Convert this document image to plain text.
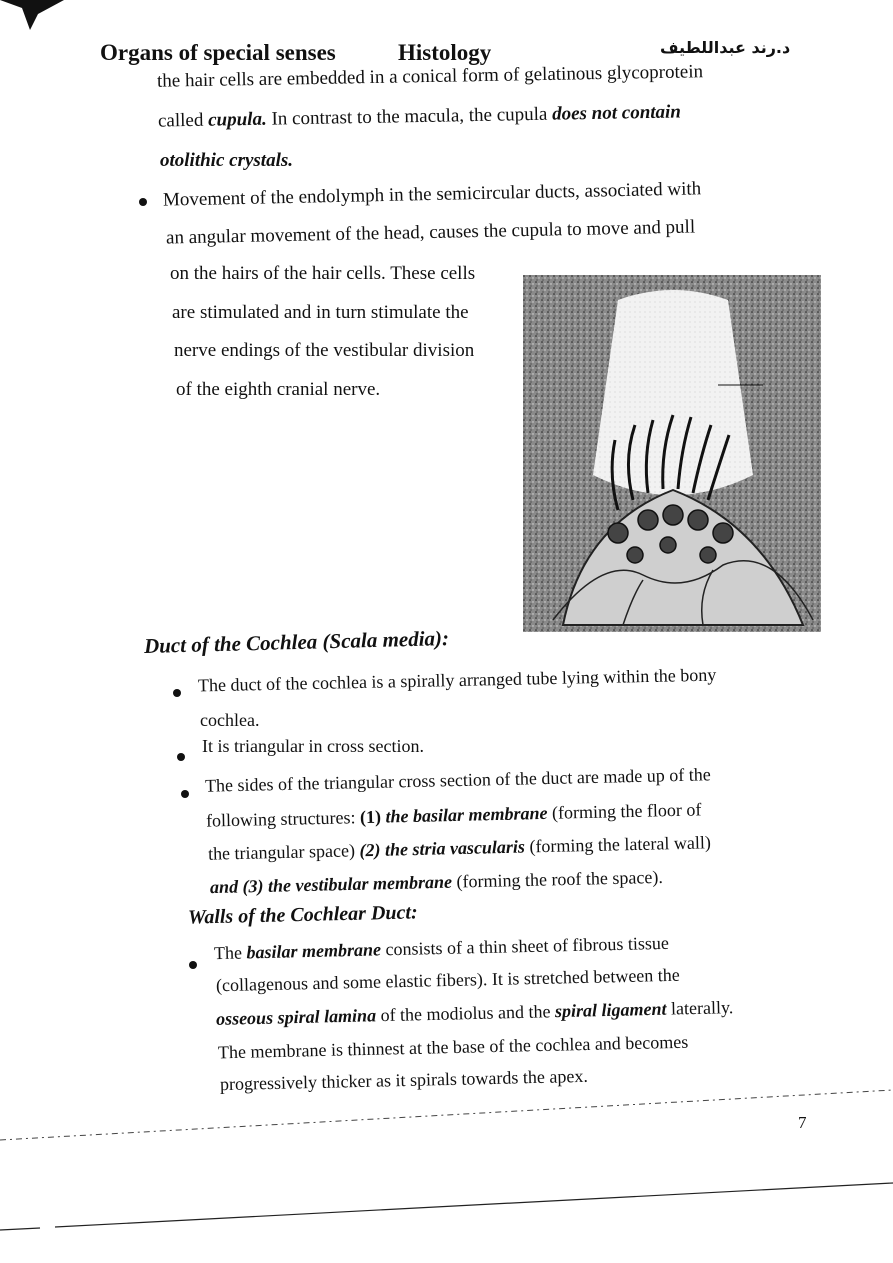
Organs of special senses	Histology	د.رند عبداللطيف
the hair cells are embedded in a conical form of gelatinous glycoprotein
called cupula. In contrast to the macula, the cupula does not contain
otolithic crystals.
Movement of the endolymph in the semicircular ducts, associated with
an angular movement of the head, causes the cupula to move and pull
on the hairs of the hair cells. These cells
are stimulated and in turn stimulate the
nerve endings of the vestibular division
of the eighth cranial nerve.
Duct of the Cochlea (Scala media):
The duct of the cochlea is a spirally arranged tube lying within the bony
cochlea.
It is triangular in cross section.
The sides of the triangular cross section of the duct are made up of the
following structures: (1) the basilar membrane (forming the floor of
the triangular space) (2) the stria vascularis (forming the lateral wall)
and (3) the vestibular membrane (forming the roof the space).
Walls of the Cochlear Duct:
The basilar membrane consists of a thin sheet of fibrous tissue
(collagenous and some elastic fibers). It is stretched between the
osseous spiral lamina of the modiolus and the spiral ligament laterally.
The membrane is thinnest at the base of the cochlea and becomes
progressively thicker as it spirals towards the apex.
7
